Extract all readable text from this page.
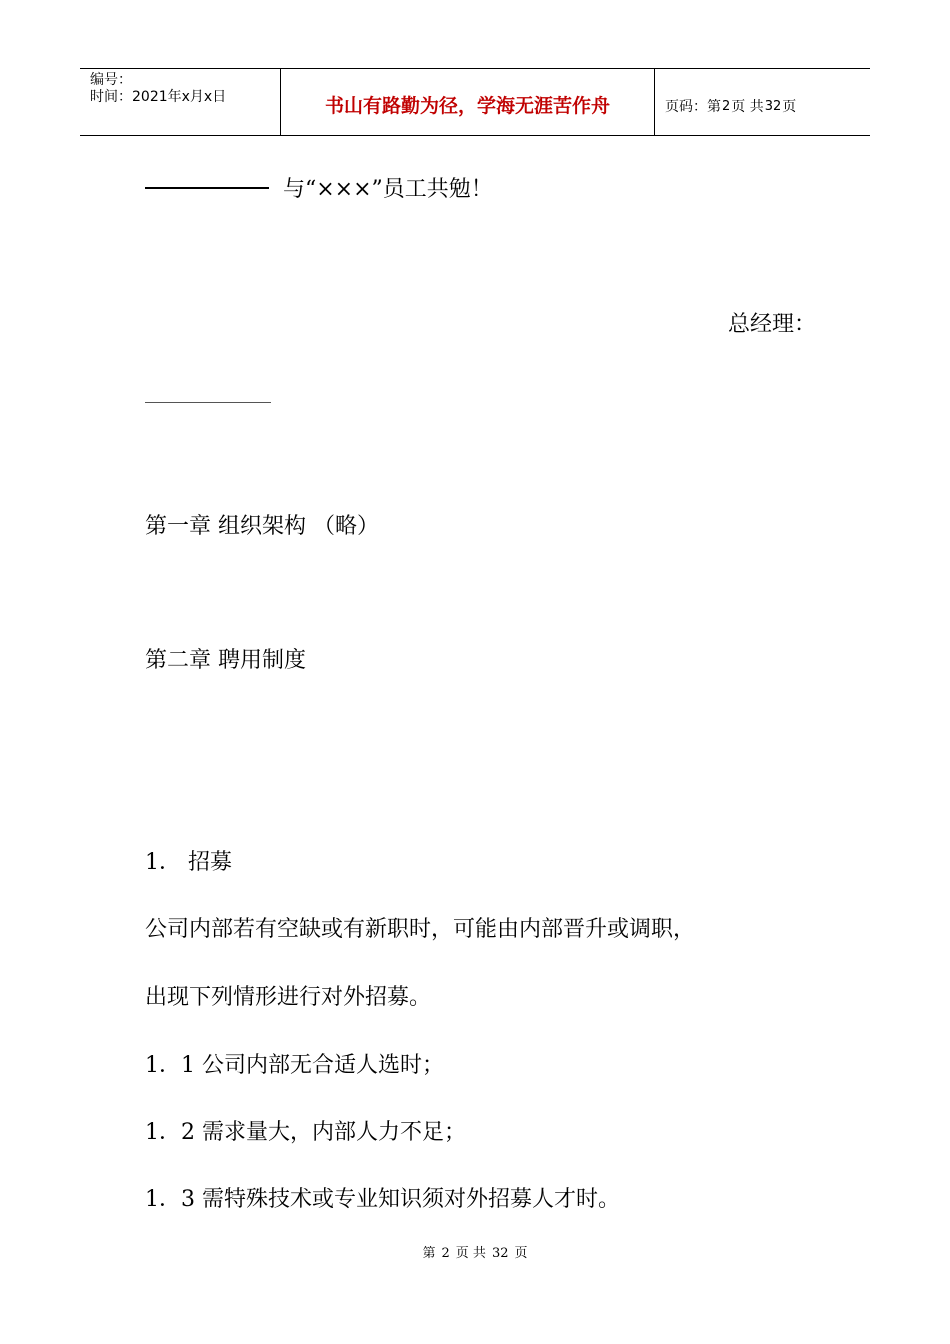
编号：
时间：2021年x月x日	书山有路勤为径，学海无涯苦作舟	页码：第 2 页 共 32 页
与“×××”员工共勉！
总经理：
第一章 组织架构 （略）
第二章 聘用制度
1． 招募
公司内部若有空缺或有新职时，可能由内部晋升或调职，
出现下列情形进行对外招募。
1．1 公司内部无合适人选时；
1．2 需求量大，内部人力不足；
1．3 需特殊技术或专业知识须对外招募人才时。
第 2 页 共 32 页
